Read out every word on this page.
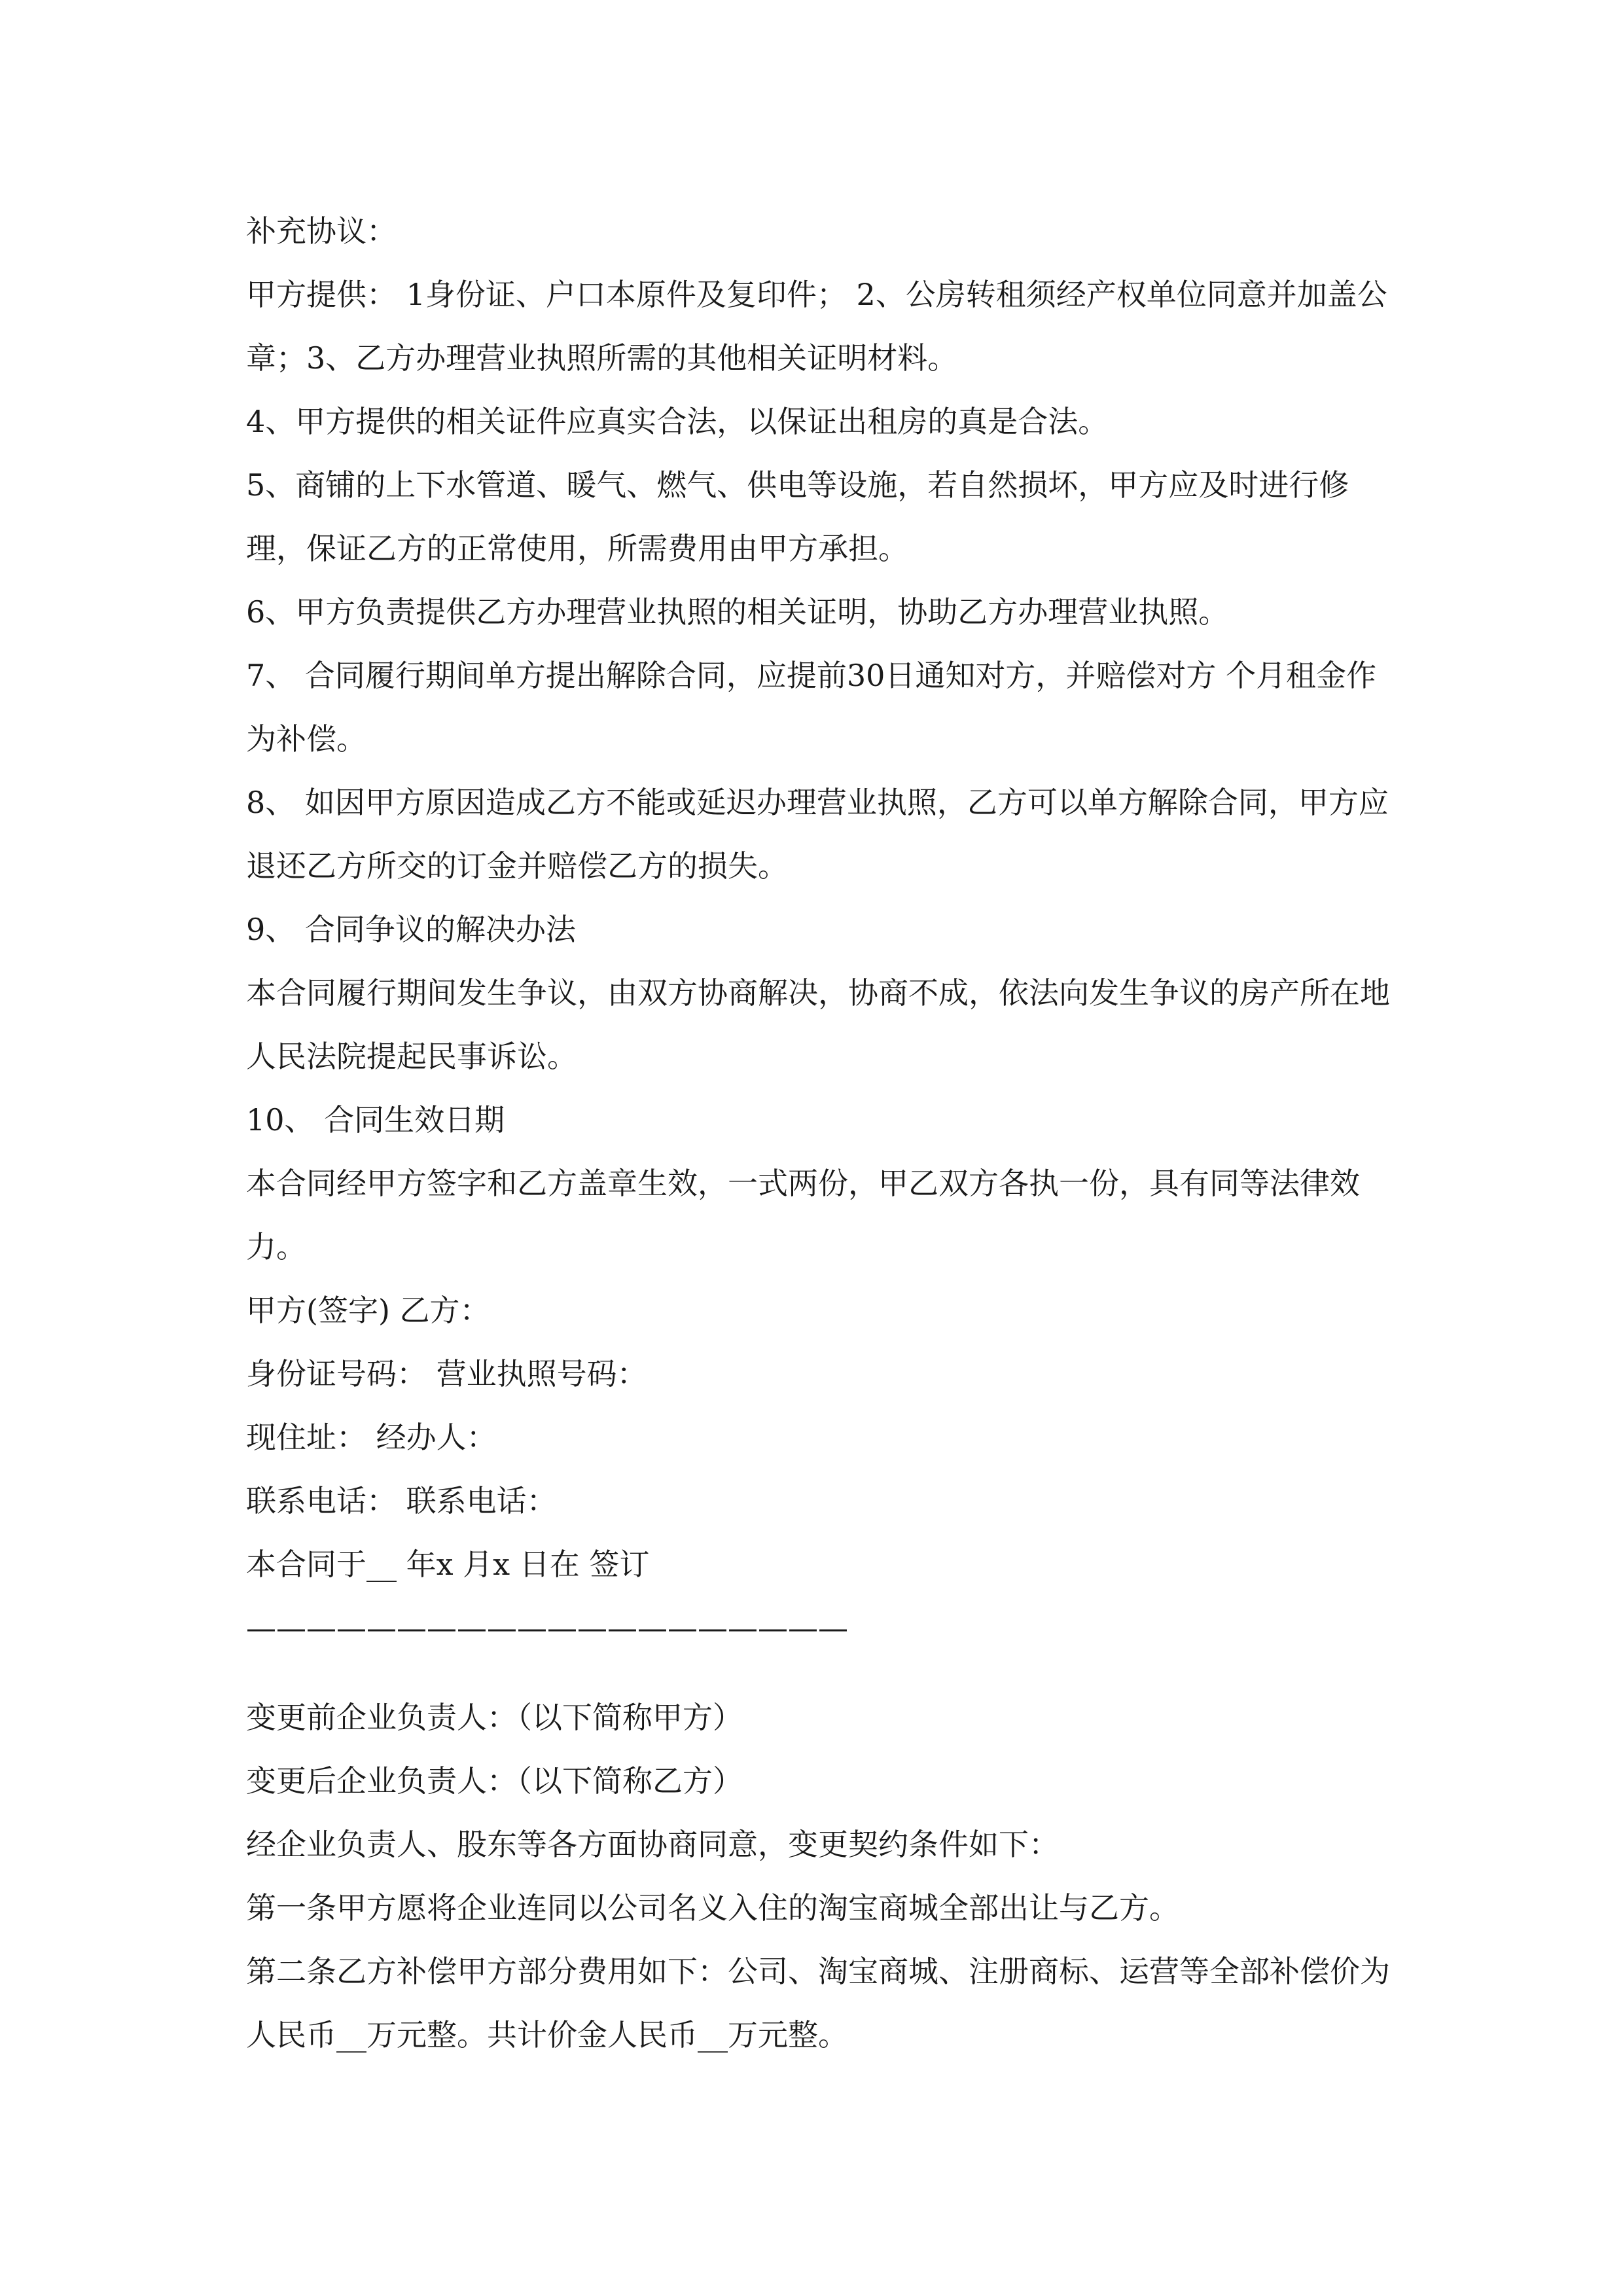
补充协议：

甲方提供： 1身份证、户口本原件及复印件； 2、公房转租须经产权单位同意并加盖公章；3、乙方办理营业执照所需的其他相关证明材料。

4、甲方提供的相关证件应真实合法，以保证出租房的真是合法。

5、商铺的上下水管道、暖气、燃气、供电等设施，若自然损坏，甲方应及时进行修理，保证乙方的正常使用，所需费用由甲方承担。

6、甲方负责提供乙方办理营业执照的相关证明，协助乙方办理营业执照。

7、 合同履行期间单方提出解除合同，应提前30日通知对方，并赔偿对方 个月租金作为补偿。

8、 如因甲方原因造成乙方不能或延迟办理营业执照，乙方可以单方解除合同，甲方应退还乙方所交的订金并赔偿乙方的损失。

9、 合同争议的解决办法

本合同履行期间发生争议，由双方协商解决，协商不成，依法向发生争议的房产所在地人民法院提起民事诉讼。

10、 合同生效日期

本合同经甲方签字和乙方盖章生效，一式两份，甲乙双方各执一份，具有同等法律效力。

甲方(签字) 乙方：

身份证号码： 营业执照号码：

现住址： 经办人：

联系电话： 联系电话：

本合同于__ 年x 月x 日在 签订

————————————————————

变更前企业负责人：（以下简称甲方）

变更后企业负责人：（以下简称乙方）

经企业负责人、股东等各方面协商同意，变更契约条件如下：

第一条甲方愿将企业连同以公司名义入住的淘宝商城全部出让与乙方。

第二条乙方补偿甲方部分费用如下：公司、淘宝商城、注册商标、运营等全部补偿价为人民币__万元整。共计价金人民币__万元整。
